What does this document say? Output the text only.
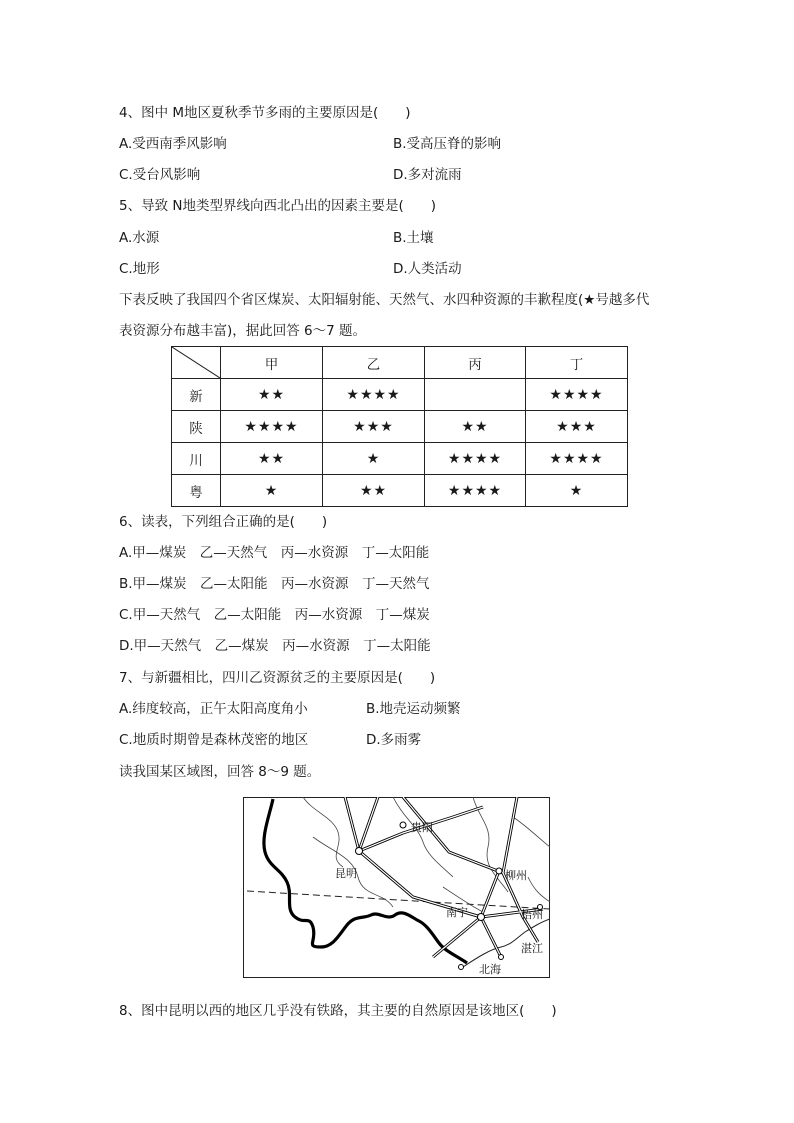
4、图中 M地区夏秋季节多雨的主要原因是(　　)
A.受西南季风影响	B.受高压脊的影响
C.受台风影响	D.多对流雨
5、导致 N地类型界线向西北凸出的因素主要是(　　)
A.水源	B.土壤
C.地形	D.人类活动
下表反映了我国四个省区煤炭、太阳辐射能、天然气、水四种资源的丰歉程度(★号越多代
表资源分布越丰富)，据此回答 6～7 题。
	甲	乙	丙	丁
新	★★	★★★★		★★★★
陕	★★★★	★★★	★★	★★★
川	★★	★	★★★★	★★★★
粤	★	★★	★★★★	★
6、读表，下列组合正确的是(　　)
A.甲—煤炭　乙—天然气　丙—水资源　丁—太阳能
B.甲—煤炭　乙—太阳能　丙—水资源　丁—天然气
C.甲—天然气　乙—太阳能　丙—水资源　丁—煤炭
D.甲—天然气　乙—煤炭　丙—水资源　丁—太阳能
7、与新疆相比，四川乙资源贫乏的主要原因是(　　)
A.纬度较高，正午太阳高度角小	B.地壳运动频繁
C.地质时期曾是森林茂密的地区	D.多雨雾
读我国某区域图，回答 8～9 题。
贵阳
昆明	柳州
南宁	梧州
湛江
北海
8、图中昆明以西的地区几乎没有铁路，其主要的自然原因是该地区(　　)
